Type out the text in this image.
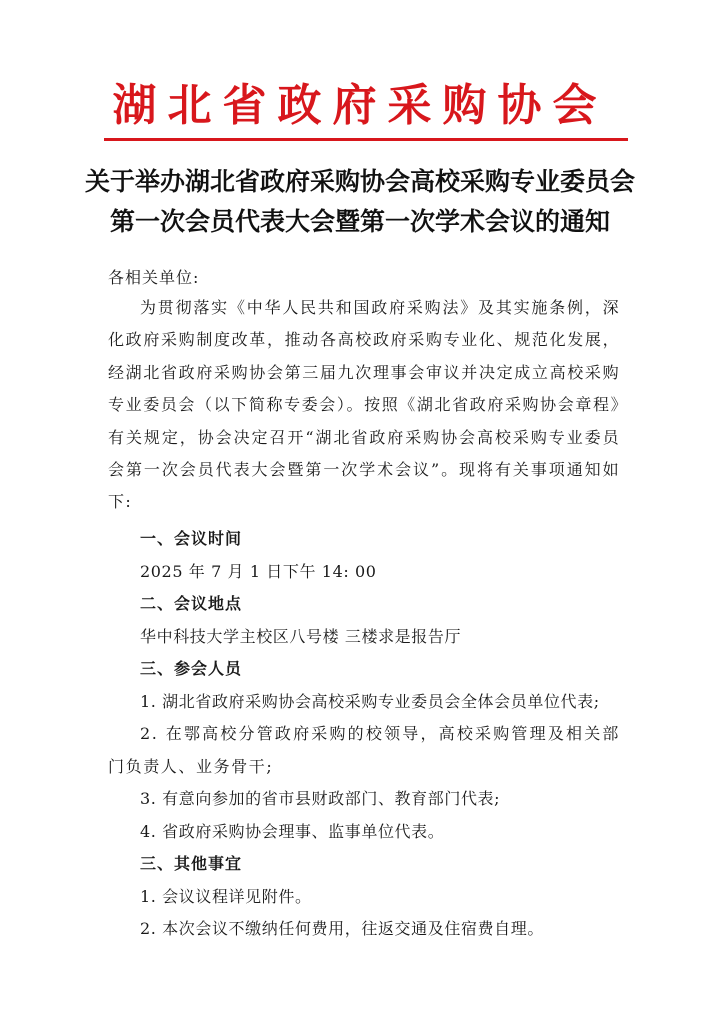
湖北省政府采购协会
关于举办湖北省政府采购协会高校采购专业委员会
第一次会员代表大会暨第一次学术会议的通知
各相关单位:
为贯彻落实《中华人民共和国政府采购法》及其实施条例，深化政府采购制度改革，推动各高校政府采购专业化、规范化发展，经湖北省政府采购协会第三届九次理事会审议并决定成立高校采购专业委员会（以下简称专委会）。按照《湖北省政府采购协会章程》有关规定，协会决定召开“湖北省政府采购协会高校采购专业委员会第一次会员代表大会暨第一次学术会议”。现将有关事项通知如下:
一、会议时间
2025 年 7 月 1 日下午 14: 00
二、会议地点
华中科技大学主校区八号楼 三楼求是报告厅
三、参会人员
1. 湖北省政府采购协会高校采购专业委员会全体会员单位代表;
2. 在鄂高校分管政府采购的校领导，高校采购管理及相关部门负责人、业务骨干;
3. 有意向参加的省市县财政部门、教育部门代表;
4. 省政府采购协会理事、监事单位代表。
三、其他事宜
1. 会议议程详见附件。
2. 本次会议不缴纳任何费用，往返交通及住宿费自理。
